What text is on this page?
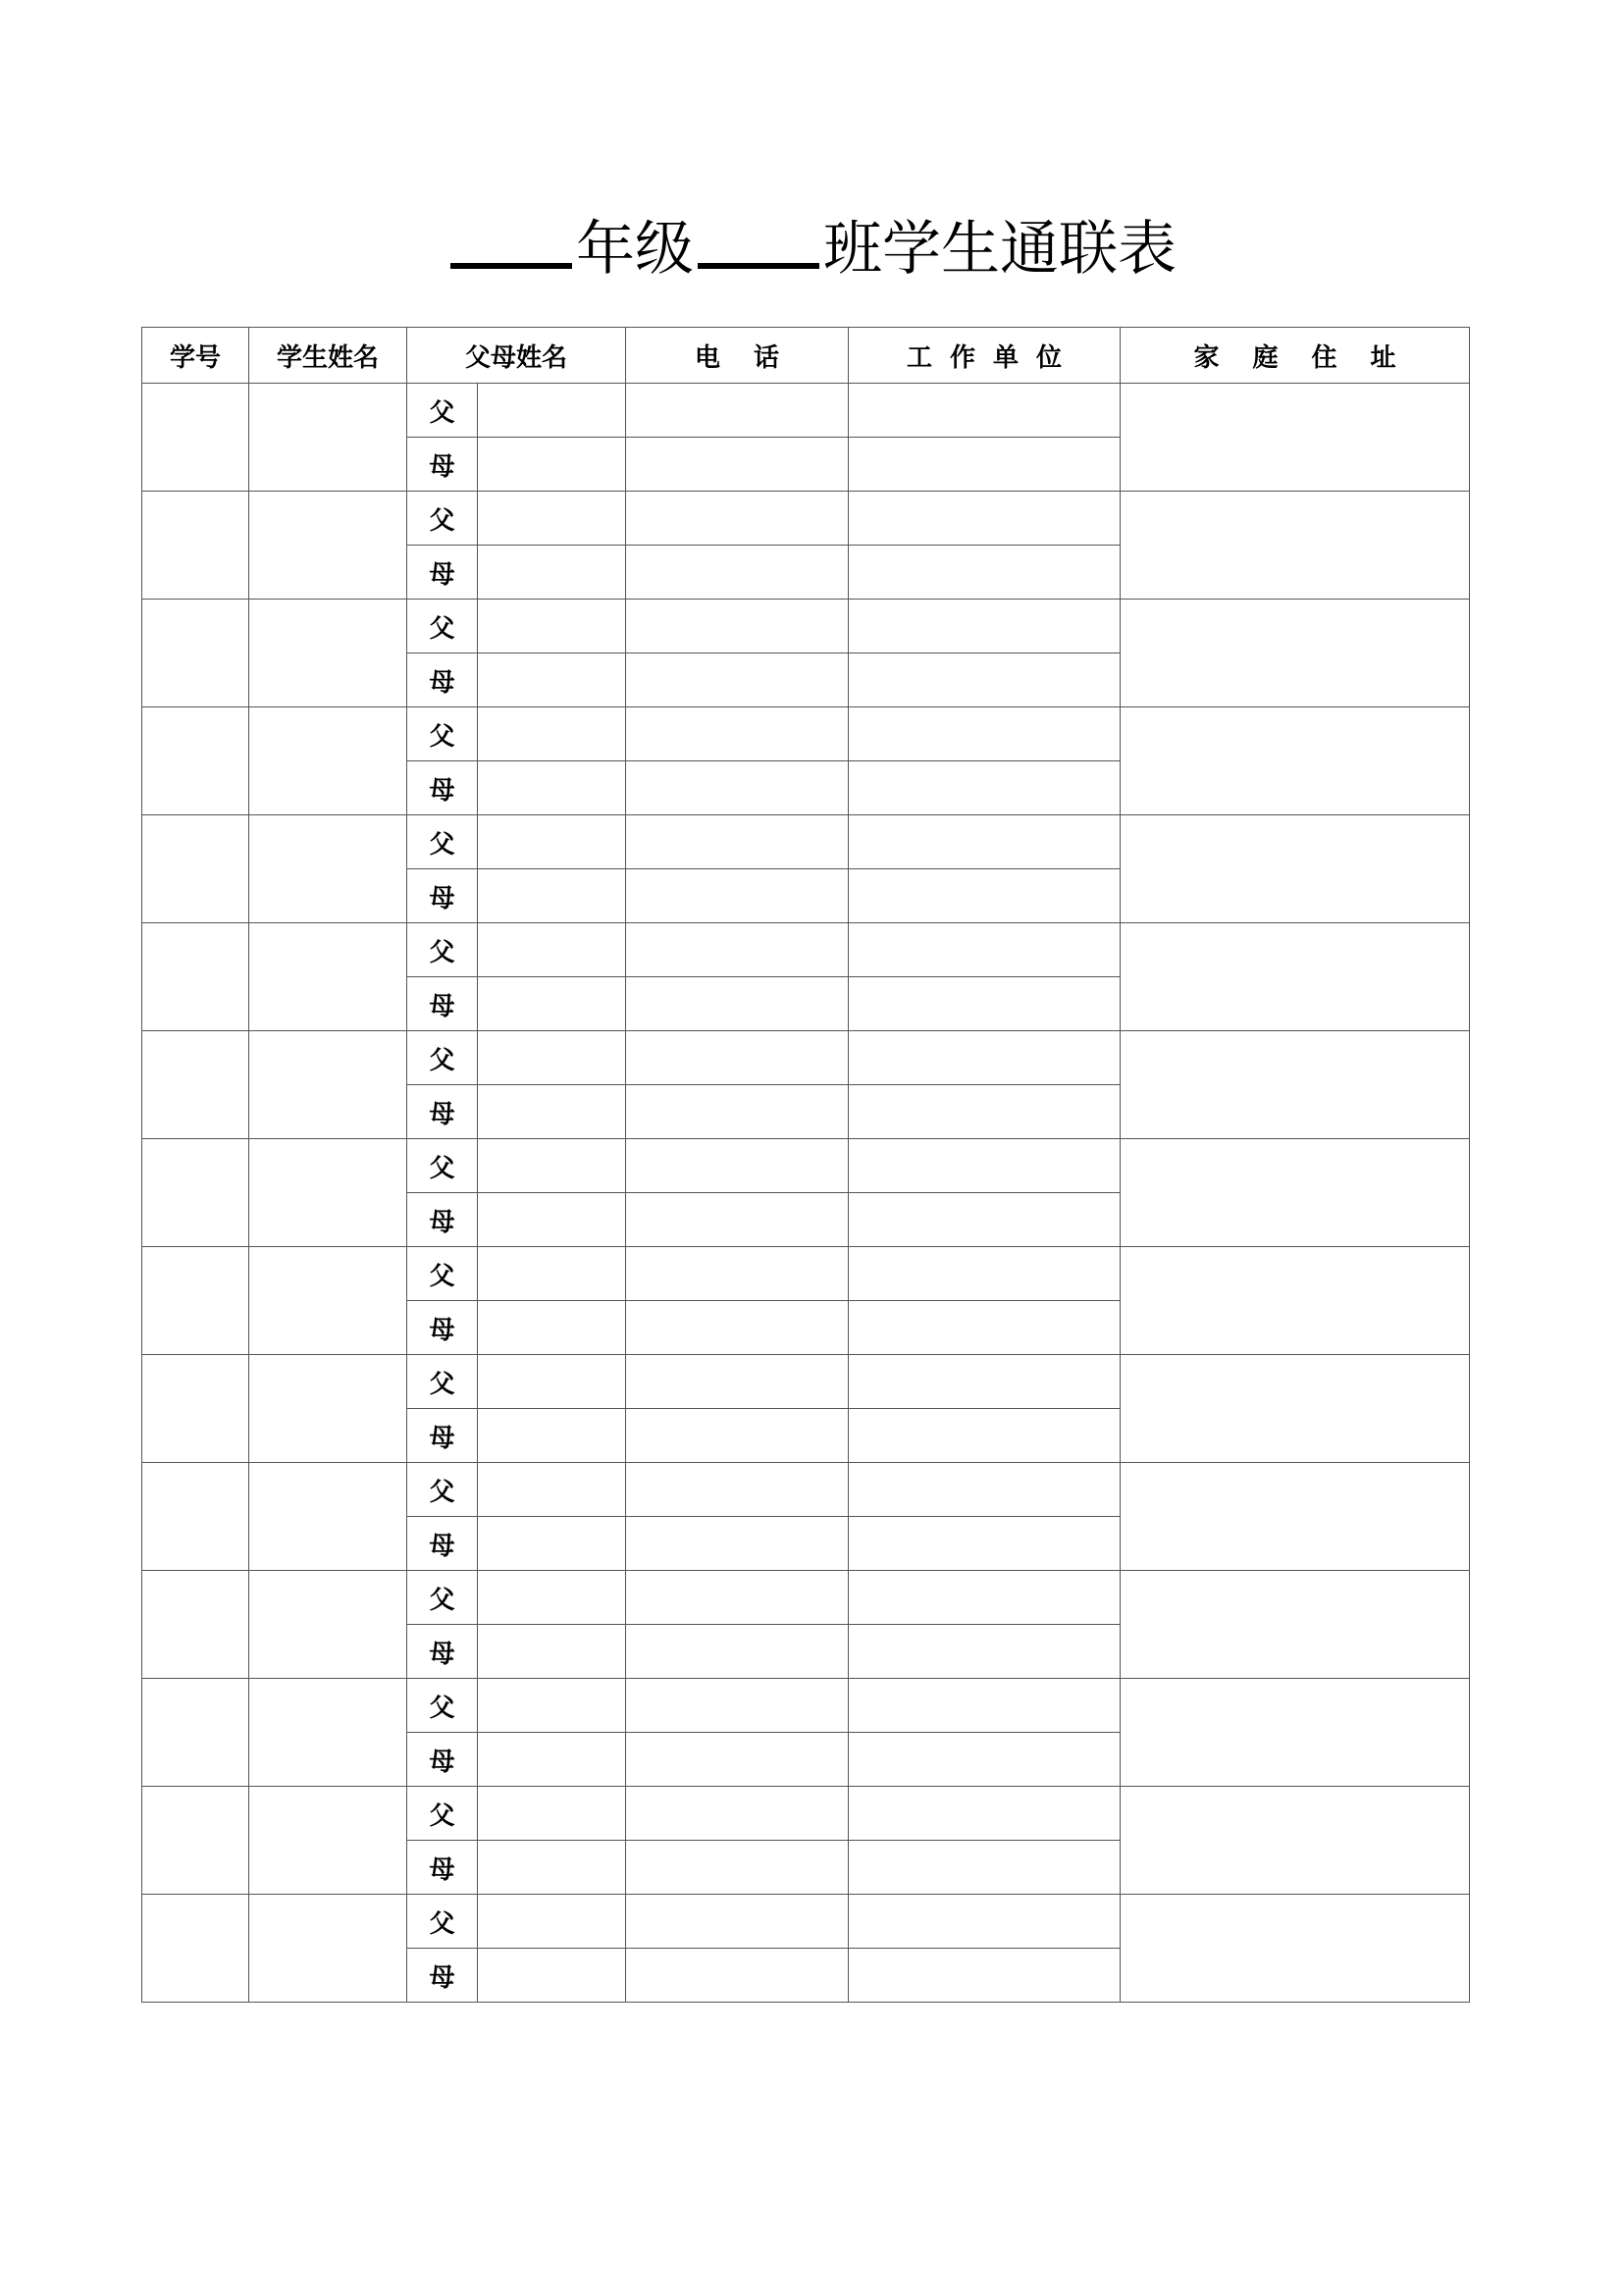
年级 班学生通联表
学号	学生姓名	父母姓名		电话	工作单位	家庭住址
		父				
		母				
		父				
		母				
		父				
		母				
		父				
		母				
		父				
		母				
		父				
		母				
		父				
		母				
		父				
		母				
		父				
		母				
		父				
		母				
		父				
		母				
		父				
		母				
		父				
		母				
		父				
		母				
		父				
		母				
